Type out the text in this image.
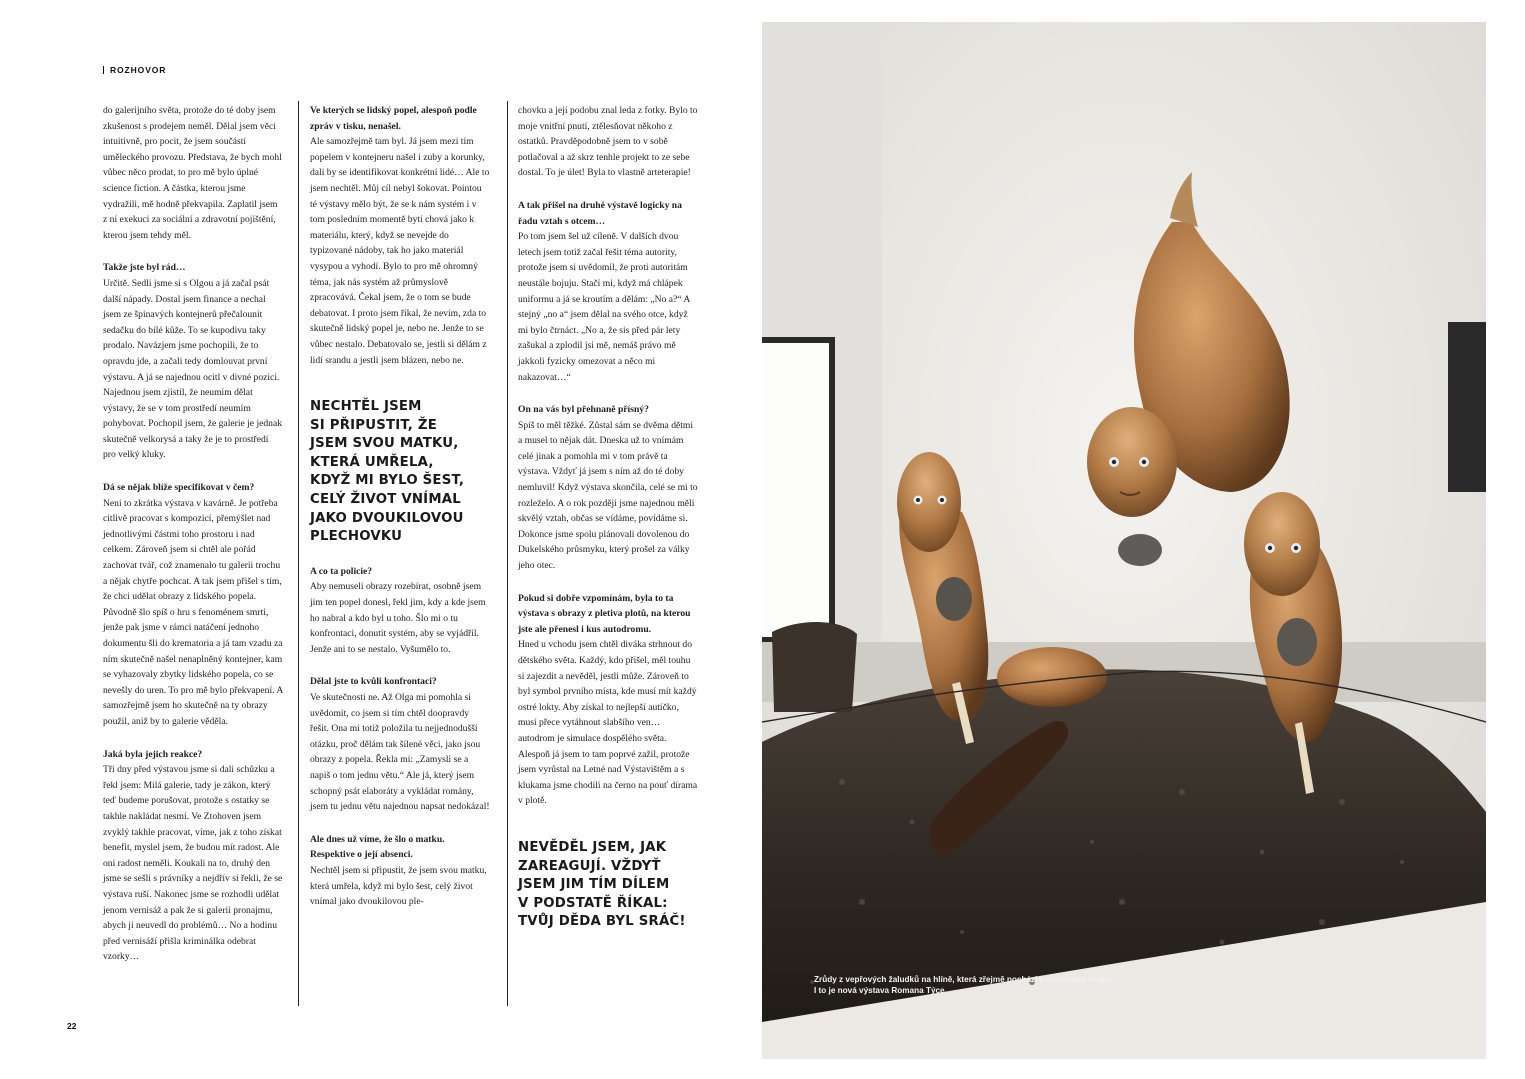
ROZHOVOR

do galerijního světa, protože do té doby jsem zkušenost s prodejem neměl. Dělal jsem věci intuitivně, pro pocit, že jsem součástí uměleckého provozu. Představa, že bych mohl vůbec něco prodat, to pro mě bylo úplné science fiction. A částka, kterou jsme vydražili, mě hodně překvapila. Zaplatil jsem z ní exekuci za sociální a zdravotní pojištění, kterou jsem tehdy měl.

Takže jste byl rád…
Určitě. Sedli jsme si s Olgou a já začal psát další nápady. Dostal jsem finance a nechal jsem ze špinavých kontejnerů přečalounit sedačku do bílé kůže. To se kupodivu taky prodalo. Navázjem jsme pochopili, že to opravdu jde, a začali tedy domlouvat první výstavu. A já se najednou ocitl v divné pozici. Najednou jsem zjistil, že neumím dělat výstavy, že se v tom prostředí neumím pohybovat. Pochopil jsem, že galerie je jednak skutečně velkorysá a taky že je to prostředí pro velký kluky.

Dá se nějak blíže specifikovat v čem?
Není to zkrátka výstava v kavárně. Je potřeba citlivě pracovat s kompozicí, přemýšlet nad jednotlivými částmi toho prostoru i nad celkem. Zároveň jsem si chtěl ale pořád zachovat tvář, což znamenalo tu galerii trochu a nějak chytře pochcat. A tak jsem přišel s tím, že chci udělat obrazy z lidského popela. Původně šlo spíš o hru s fenoménem smrti, jenže pak jsme v rámci natáčení jednoho dokumentu šli do krematoria a já tam vzadu za ním skutečně našel nenaplněný kontejner, kam se vyhazovaly zbytky lidského popela, co se nevešly do uren. To pro mě bylo překvapení. A samozřejmě jsem ho skutečně na ty obrazy použil, aniž by to galerie věděla.

Jaká byla jejich reakce?
Tři dny před výstavou jsme si dali schůzku a řekl jsem: Milá galerie, tady je zákon, který teď budeme porušovat, protože s ostatky se takhle nakládat nesmí. Ve Ztohoven jsem zvyklý takhle pracovat, víme, jak z toho získat benefit, myslel jsem, že budou mít radost. Ale oni radost neměli. Koukali na to, druhý den jsme se sešli s právníky a nejdřív si řekli, že se výstava ruší. Nakonec jsme se rozhodli udělat jenom vernisáž a pak že si galerii pronajmu, abych ji neuvedl do problémů… No a hodinu před vernisáží přišla kriminálka odebrat vzorky…

Ve kterých se lidský popel, alespoň podle zpráv v tisku, nenašel.
Ale samozřejmě tam byl. Já jsem mezi tím popelem v kontejneru našel i zuby a korunky, dali by se identifikovat konkrétní lidé… Ale to jsem nechtěl. Můj cíl nebyl šokovat. Pointou té výstavy mělo být, že se k nám systém i v tom posledním momentě bytí chová jako k materiálu, který, když se nevejde do typizované nádoby, tak ho jako materiál vysypou a vyhodí. Bylo to pro mě ohromný téma, jak nás systém až průmyslově zpracovává. Čekal jsem, že o tom se bude debatovat. I proto jsem říkal, že nevím, zda to skutečně lidský popel je, nebo ne. Jenže to se vůbec nestalo. Debatovalo se, jestli si dělám z lidí srandu a jestli jsem blázen, nebo ne.

NECHTĚL JSEM
SI PŘIPUSTIT, ŽE
JSEM SVOU MATKU,
KTERÁ UMŘELA,
KDYŽ MI BYLO ŠEST,
CELÝ ŽIVOT VNÍMAL
JAKO DVOUKILOVOU
PLECHOVKU

A co ta policie?
Aby nemuseli obrazy rozebírat, osobně jsem jim ten popel donesl, řekl jim, kdy a kde jsem ho nabral a kdo byl u toho. Šlo mi o tu konfrontaci, donutit systém, aby se vyjádřil. Jenže ani to se nestalo. Vyšumělo to.

Dělal jste to kvůli konfrontaci?
Ve skutečnosti ne. Až Olga mi pomohla si uvědomit, co jsem si tím chtěl doopravdy řešit. Ona mi totiž položila tu nejjednodušší otázku, proč dělám tak šílené věci, jako jsou obrazy z popela. Řekla mi: „Zamysli se a napiš o tom jednu větu.“ Ale já, který jsem schopný psát elaboráty a vykládat romány, jsem tu jednu větu najednou napsat nedokázal!

Ale dnes už víme, že šlo o matku. Respektive o její absenci.
Nechtěl jsem si připustit, že jsem svou matku, která umřela, když mi bylo šest, celý život vnímal jako dvoukilovou ple-

chovku a její podobu znal leda z fotky. Bylo to moje vnitřní pnutí, ztělesňovat někoho z ostatků. Pravděpodobně jsem to v sobě potlačoval a až skrz tenhle projekt to ze sebe dostal. To je úlet! Byla to vlastně arteterapie!

A tak přišel na druhé výstavě logicky na řadu vztah s otcem…
Po tom jsem šel už cíleně. V dalších dvou letech jsem totiž začal řešit téma autority, protože jsem si uvědomil, že proti autoritám neustále bojuju. Stačí mi, když má chlápek uniformu a já se kroutím a dělám: „No a?“ A stejný „no a“ jsem dělal na svého otce, když mi bylo čtrnáct. „No a, že sis před pár lety zašukal a zplodil jsi mě, nemáš právo mě jakkoli fyzicky omezovat a něco mi nakazovat…“

On na vás byl přehnaně přísný?
Spíš to měl těžké. Zůstal sám se dvěma dětmi a musel to nějak dát. Dneska už to vnímám celé jinak a pomohla mi v tom právě ta výstava. Vždyť já jsem s ním až do té doby nemluvil! Když výstava skončila, celé se mi to rozleželo. A o rok později jsme najednou měli skvělý vztah, občas se vídáme, povídáme si. Dokonce jsme spolu plánovali dovolenou do Dukelského průsmyku, který prošel za války jeho otec.

Pokud si dobře vzpomínám, byla to ta výstava s obrazy z pletiva plotů, na kterou jste ale přenesl i kus autodromu.
Hned u vchodu jsem chtěl diváka strhnout do dětského světa. Každý, kdo přišel, měl touhu si zajezdit a nevěděl, jestli může. Zároveň to byl symbol prvního místa, kde musí mít každý ostré lokty. Aby získal to nejlepší autíčko, musí přece vytáhnout slabšího ven… autodrom je simulace dospělého světa. Alespoň já jsem to tam poprvé zažil, protože jsem vyrůstal na Letné nad Výstavištěm a s klukama jsme chodili na černo na pouť dírama v plotě.

NEVĚDĚL JSEM, JAK
ZAREAGUJÍ. VŽDYŤ
JSEM JIM TÍM DÍLEM
V PODSTATĚ ŘÍKAL:
TVŮJ DĚDA BYL SRÁČ!
22
Zrůdy z vepřových žaludků na hlíně, která zřejmě pocházi z masových hrobů. I to je nová výstava Romana Týce.
